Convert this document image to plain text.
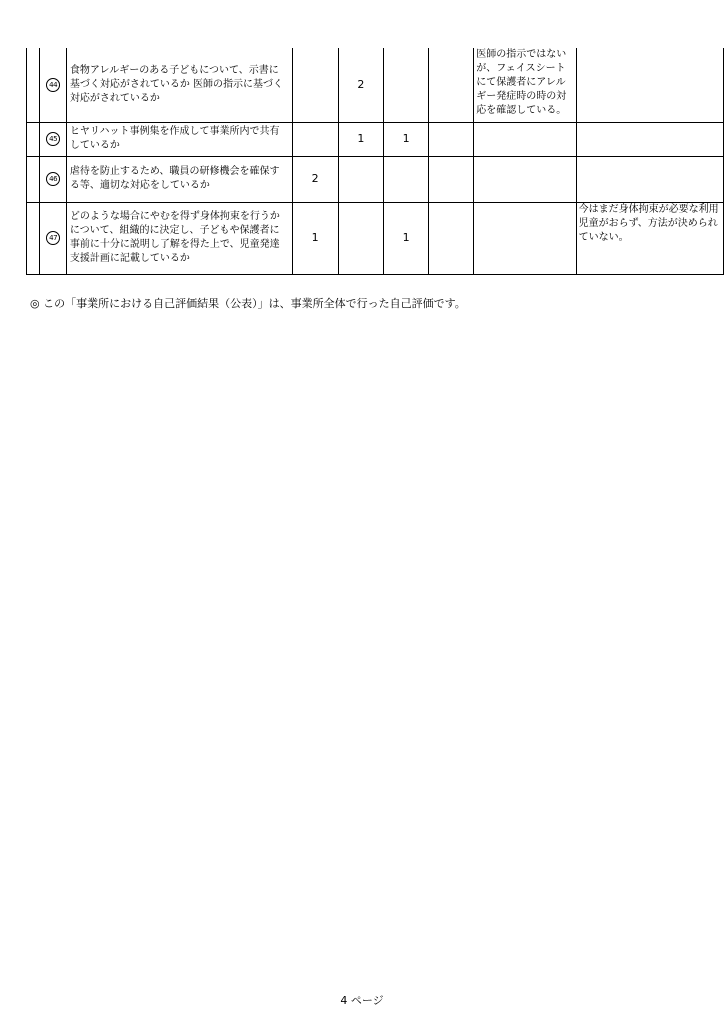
	44	食物アレルギーのある子どもについて、示書に基づく対応がされているか 医師の指示に基づく対応がされているか		2			医師の指示ではないが、フェイスシートにて保護者にアレルギー発症時の時の対応を確認している。	
	45	ヒヤリハット事例集を作成して事業所内で共有しているか		1	1			
	46	虐待を防止するため、職員の研修機会を確保する等、適切な対応をしているか	2					
	47	どのような場合にやむを得ず身体拘束を行うかについて、組織的に決定し、子どもや保護者に事前に十分に説明し了解を得た上で、児童発達支援計画に記載しているか	1		1			今はまだ身体拘束が必要な利用児童がおらず、方法が決められていない。
◎ この「事業所における自己評価結果（公表）」は、事業所全体で行った自己評価です。
4 ページ
